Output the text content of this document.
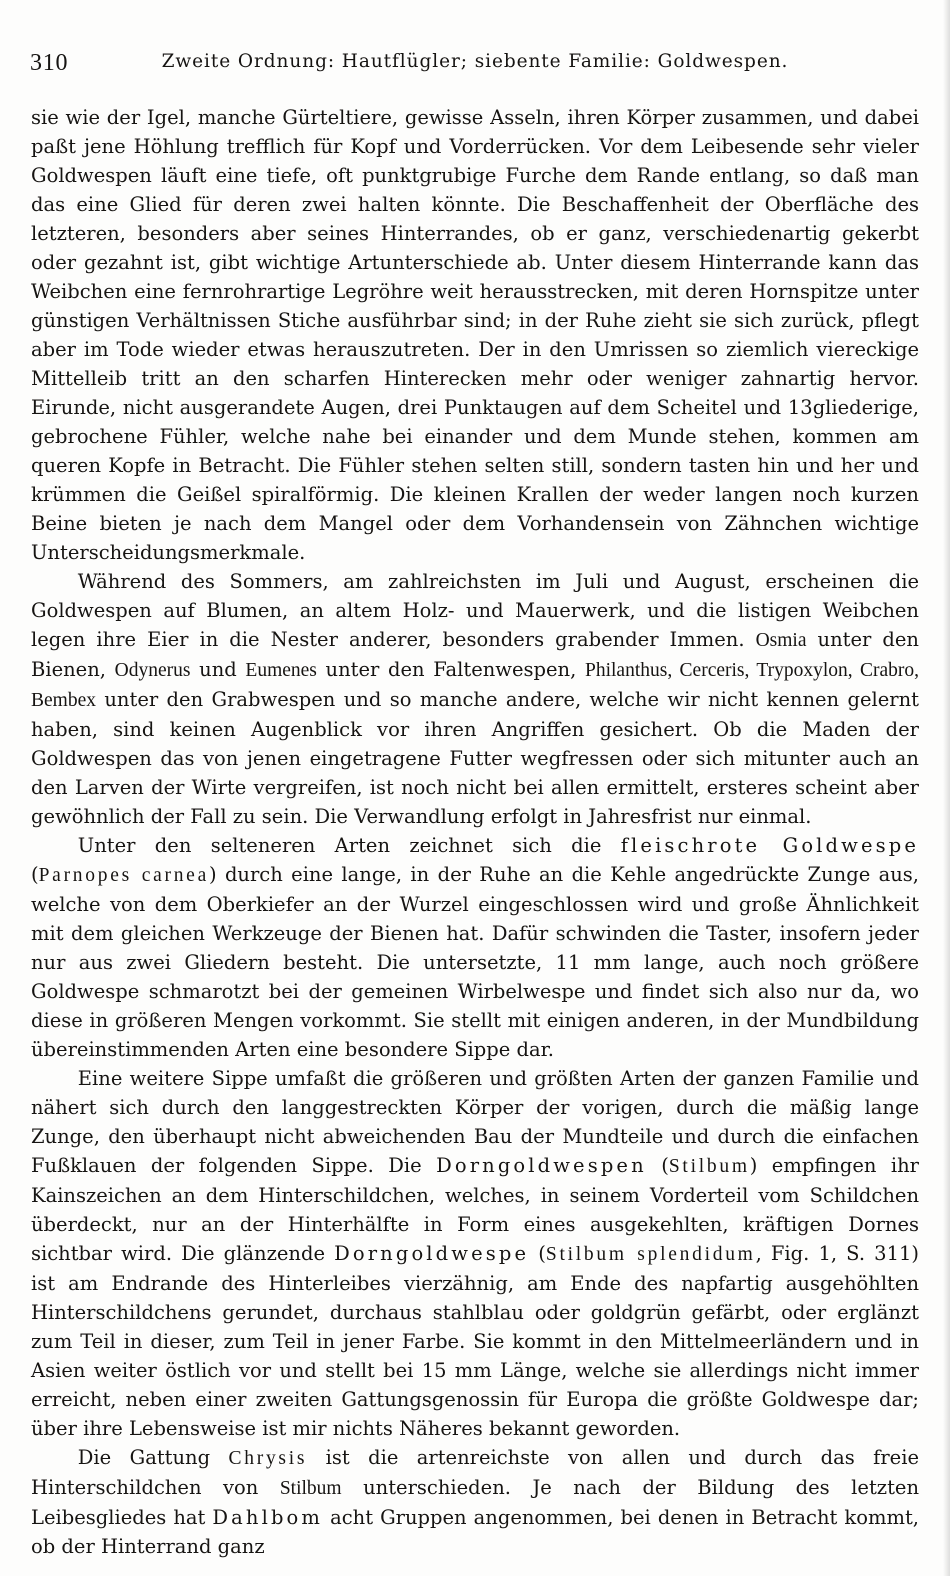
310	Zweite Ordnung: Hautflügler; siebente Familie: Goldwespen.

sie wie der Igel, manche Gürteltiere, gewisse Asseln, ihren Körper zusammen, und dabei paßt jene Höhlung trefflich für Kopf und Vorderrücken. Vor dem Leibesende sehr vieler Goldwespen läuft eine tiefe, oft punktgrubige Furche dem Rande entlang, so daß man das eine Glied für deren zwei halten könnte. Die Beschaffenheit der Oberfläche des letzteren, besonders aber seines Hinterrandes, ob er ganz, verschiedenartig gekerbt oder gezahnt ist, gibt wichtige Artunterschiede ab. Unter diesem Hinterrande kann das Weibchen eine fernrohrartige Legröhre weit herausstrecken, mit deren Hornspitze unter günstigen Verhältnissen Stiche ausführbar sind; in der Ruhe zieht sie sich zurück, pflegt aber im Tode wieder etwas herauszutreten. Der in den Umrissen so ziemlich viereckige Mittelleib tritt an den scharfen Hinterecken mehr oder weniger zahnartig hervor. Eirunde, nicht ausgerandete Augen, drei Punktaugen auf dem Scheitel und 13gliederige, gebrochene Fühler, welche nahe bei einander und dem Munde stehen, kommen am queren Kopfe in Betracht. Die Fühler stehen selten still, sondern tasten hin und her und krümmen die Geißel spiralförmig. Die kleinen Krallen der weder langen noch kurzen Beine bieten je nach dem Mangel oder dem Vorhandensein von Zähnchen wichtige Unterscheidungsmerkmale.

Während des Sommers, am zahlreichsten im Juli und August, erscheinen die Goldwespen auf Blumen, an altem Holz- und Mauerwerk, und die listigen Weibchen legen ihre Eier in die Nester anderer, besonders grabender Immen. Osmia unter den Bienen, Odynerus und Eumenes unter den Faltenwespen, Philanthus, Cerceris, Trypoxylon, Crabro, Bembex unter den Grabwespen und so manche andere, welche wir nicht kennen gelernt haben, sind keinen Augenblick vor ihren Angriffen gesichert. Ob die Maden der Goldwespen das von jenen eingetragene Futter wegfressen oder sich mitunter auch an den Larven der Wirte vergreifen, ist noch nicht bei allen ermittelt, ersteres scheint aber gewöhnlich der Fall zu sein. Die Verwandlung erfolgt in Jahresfrist nur einmal.

Unter den selteneren Arten zeichnet sich die fleischrote Goldwespe (Parnopes carnea) durch eine lange, in der Ruhe an die Kehle angedrückte Zunge aus, welche von dem Oberkiefer an der Wurzel eingeschlossen wird und große Ähnlichkeit mit dem gleichen Werkzeuge der Bienen hat. Dafür schwinden die Taster, insofern jeder nur aus zwei Gliedern besteht. Die untersetzte, 11 mm lange, auch noch größere Goldwespe schmarotzt bei der gemeinen Wirbelwespe und findet sich also nur da, wo diese in größeren Mengen vorkommt. Sie stellt mit einigen anderen, in der Mundbildung übereinstimmenden Arten eine besondere Sippe dar.

Eine weitere Sippe umfaßt die größeren und größten Arten der ganzen Familie und nähert sich durch den langgestreckten Körper der vorigen, durch die mäßig lange Zunge, den überhaupt nicht abweichenden Bau der Mundteile und durch die einfachen Fußklauen der folgenden Sippe. Die Dorngoldwespen (Stilbum) empfingen ihr Kainszeichen an dem Hinterschildchen, welches, in seinem Vorderteil vom Schildchen überdeckt, nur an der Hinterhälfte in Form eines ausgekehlten, kräftigen Dornes sichtbar wird. Die glänzende Dorngoldwespe (Stilbum splendidum, Fig. 1, S. 311) ist am Endrande des Hinterleibes vierzähnig, am Ende des napfartig ausgehöhlten Hinterschildchens gerundet, durchaus stahlblau oder goldgrün gefärbt, oder erglänzt zum Teil in dieser, zum Teil in jener Farbe. Sie kommt in den Mittelmeerländern und in Asien weiter östlich vor und stellt bei 15 mm Länge, welche sie allerdings nicht immer erreicht, neben einer zweiten Gattungsgenossin für Europa die größte Goldwespe dar; über ihre Lebensweise ist mir nichts Näheres bekannt geworden.

Die Gattung Chrysis ist die artenreichste von allen und durch das freie Hinterschildchen von Stilbum unterschieden. Je nach der Bildung des letzten Leibesgliedes hat Dahlbom acht Gruppen angenommen, bei denen in Betracht kommt, ob der Hinterrand ganz
